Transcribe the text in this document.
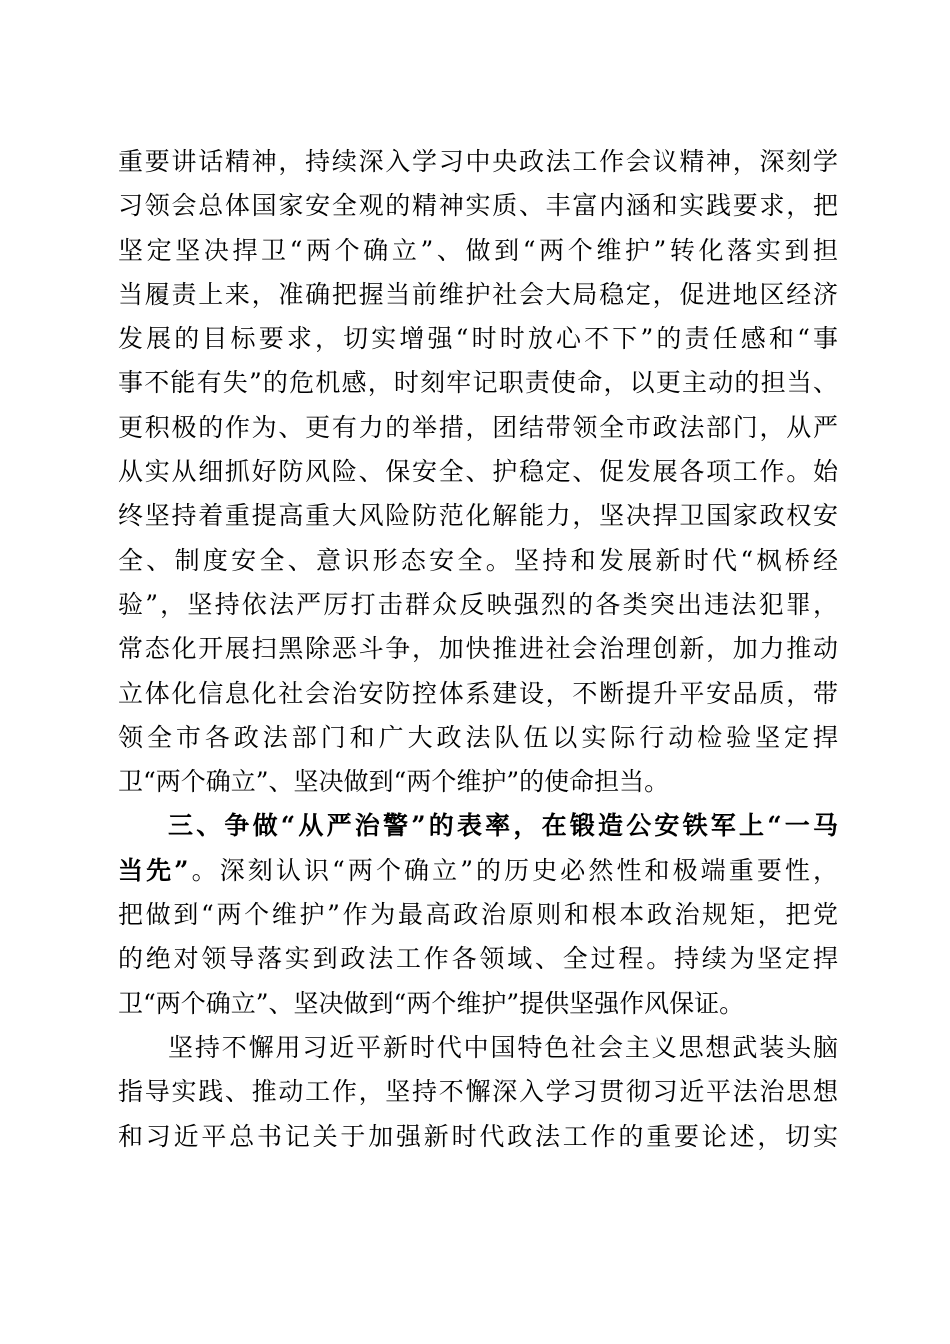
重要讲话精神，持续深入学习中央政法工作会议精神，深刻学
习领会总体国家安全观的精神实质、丰富内涵和实践要求，把
坚定坚决捍卫“两个确立”、做到“两个维护”转化落实到担
当履责上来，准确把握当前维护社会大局稳定，促进地区经济
发展的目标要求，切实增强“时时放心不下”的责任感和“事
事不能有失”的危机感，时刻牢记职责使命，以更主动的担当、
更积极的作为、更有力的举措，团结带领全市政法部门，从严
从实从细抓好防风险、保安全、护稳定、促发展各项工作。始
终坚持着重提高重大风险防范化解能力，坚决捍卫国家政权安
全、制度安全、意识形态安全。坚持和发展新时代“枫桥经
验”，坚持依法严厉打击群众反映强烈的各类突出违法犯罪，
常态化开展扫黑除恶斗争，加快推进社会治理创新，加力推动
立体化信息化社会治安防控体系建设，不断提升平安品质，带
领全市各政法部门和广大政法队伍以实际行动检验坚定捍
卫“两个确立”、坚决做到“两个维护”的使命担当。
三、争做“从严治警”的表率，在锻造公安铁军上“一马
当先”。深刻认识“两个确立”的历史必然性和极端重要性，
把做到“两个维护”作为最高政治原则和根本政治规矩，把党
的绝对领导落实到政法工作各领域、全过程。持续为坚定捍
卫“两个确立”、坚决做到“两个维护”提供坚强作风保证。
坚持不懈用习近平新时代中国特色社会主义思想武装头脑
指导实践、推动工作，坚持不懈深入学习贯彻习近平法治思想
和习近平总书记关于加强新时代政法工作的重要论述，切实
